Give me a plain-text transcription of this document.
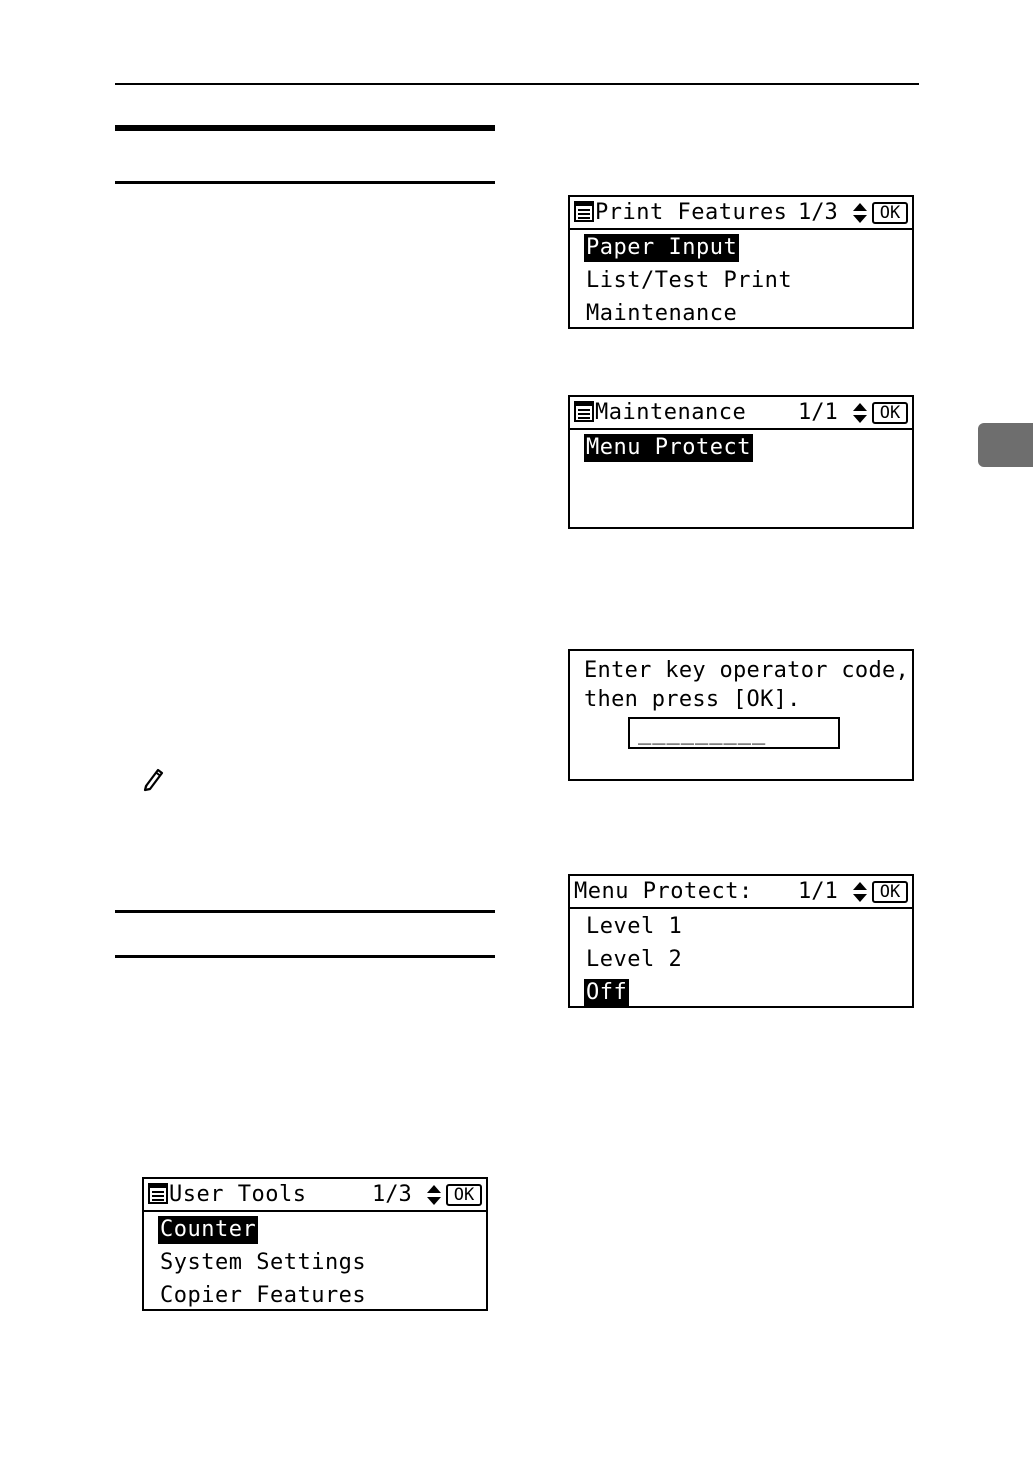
Print Features 1/3	OK
Paper Input
List/Test Print
Maintenance
Maintenance 1/1	OK
Menu Protect
Enter key operator code,
then press [OK].
_________
Menu Protect: 1/1	OK
Level 1
Level 2
Off
User Tools	1/3	OK
Counter
System Settings
Copier Features
